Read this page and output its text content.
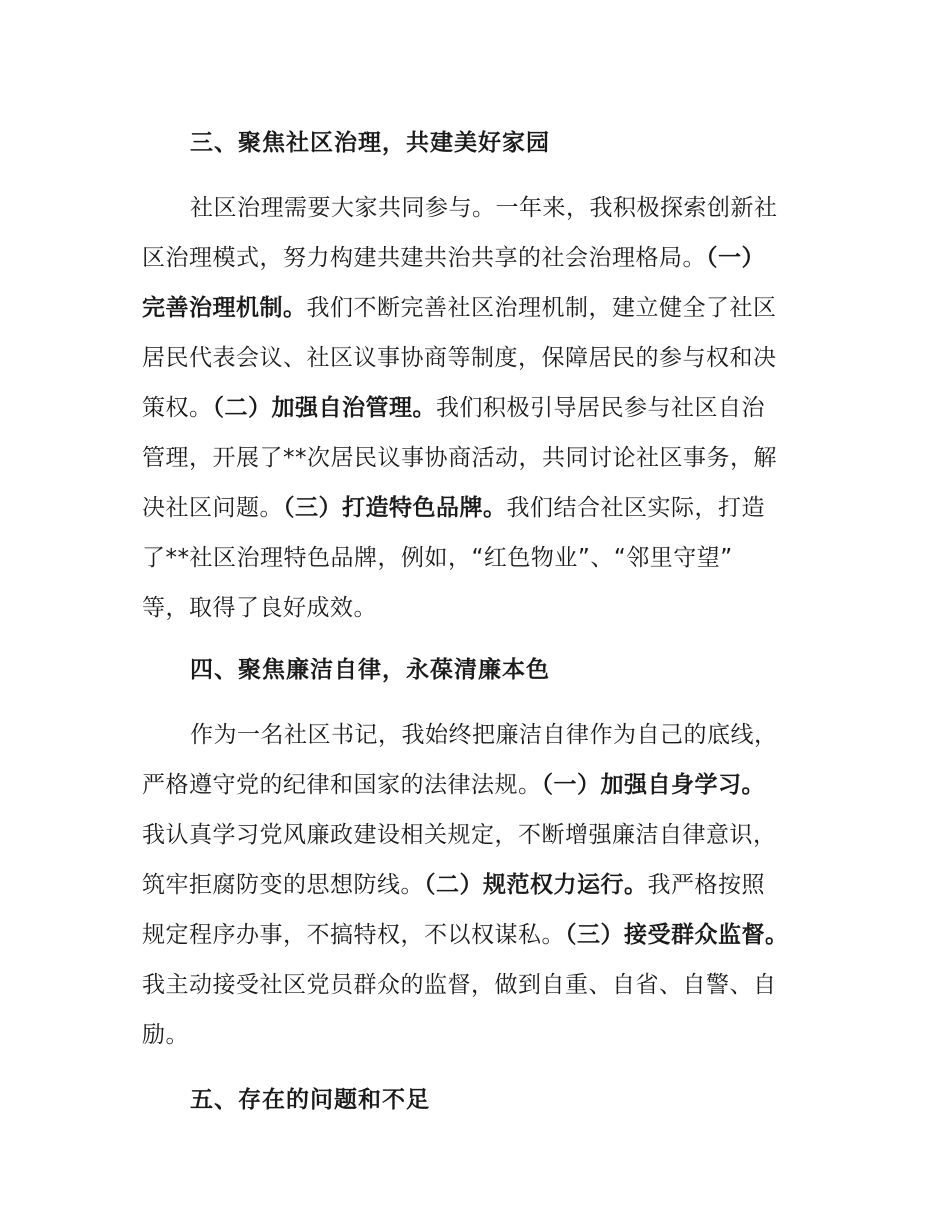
三、聚焦社区治理，共建美好家园
社区治理需要大家共同参与。一年来，我积极探索创新社
区治理模式，努力构建共建共治共享的社会治理格局。（一）
完善治理机制。我们不断完善社区治理机制，建立健全了社区
居民代表会议、社区议事协商等制度，保障居民的参与权和决
策权。（二）加强自治管理。我们积极引导居民参与社区自治
管理，开展了**次居民议事协商活动，共同讨论社区事务，解
决社区问题。（三）打造特色品牌。我们结合社区实际，打造
了**社区治理特色品牌，例如，“红色物业”、“邻里守望”
等，取得了良好成效。
四、聚焦廉洁自律，永葆清廉本色
作为一名社区书记，我始终把廉洁自律作为自己的底线，
严格遵守党的纪律和国家的法律法规。（一）加强自身学习。
我认真学习党风廉政建设相关规定，不断增强廉洁自律意识，
筑牢拒腐防变的思想防线。（二）规范权力运行。我严格按照
规定程序办事，不搞特权，不以权谋私。（三）接受群众监督。
我主动接受社区党员群众的监督，做到自重、自省、自警、自
励。
五、存在的问题和不足
